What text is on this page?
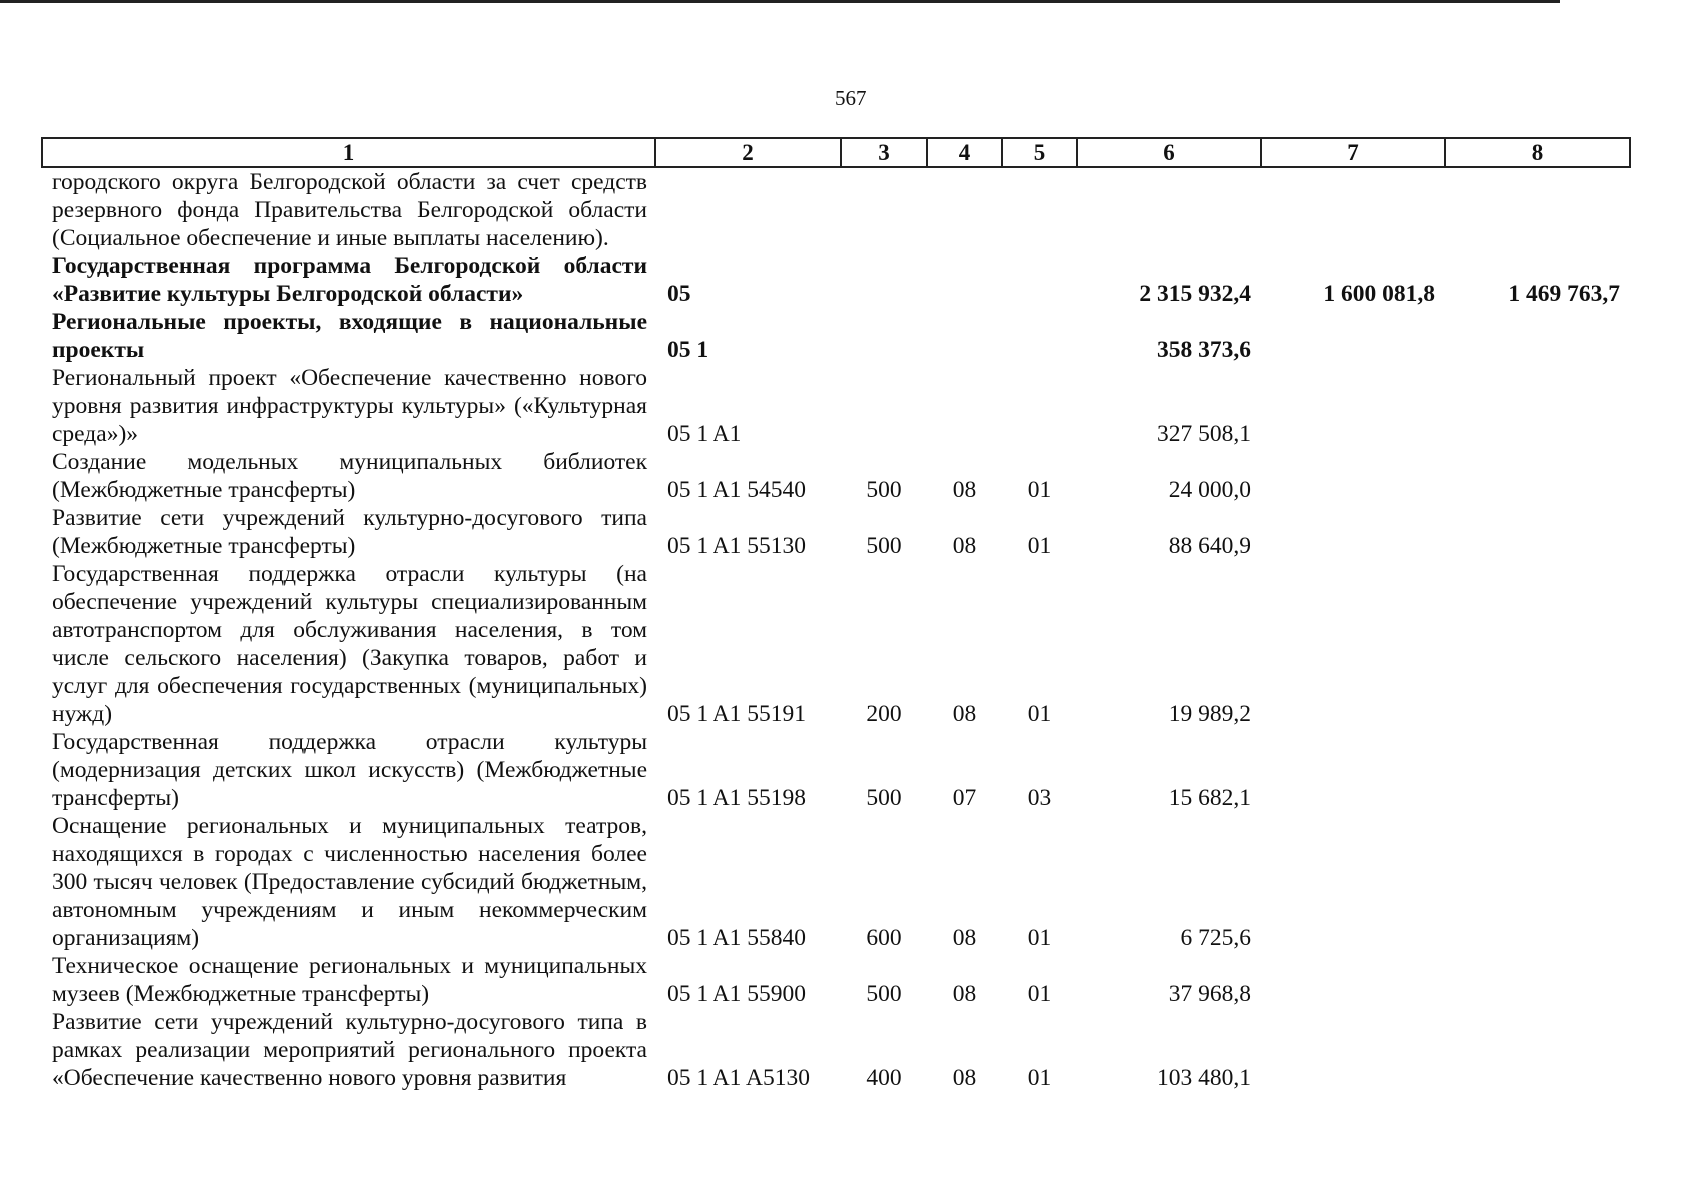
567
1	2	3	4	5	6	7	8
городского округа Белгородской области за счет средств резервного фонда Правительства Белгородской области (Социальное обеспечение и иные выплаты населению).							
Государственная программа Белгородской области «Развитие культуры Белгородской области»	05				2 315 932,4	1 600 081,8	1 469 763,7
Региональные проекты, входящие в национальные проекты	05 1				358 373,6		
Региональный проект «Обеспечение качественно нового уровня развития инфраструктуры культуры» («Культурная среда»)»	05 1 A1				327 508,1		
Создание модельных муниципальных библиотек (Межбюджетные трансферты)	05 1 A1 54540	500	08	01	24 000,0		
Развитие сети учреждений культурно-досугового типа (Межбюджетные трансферты)	05 1 A1 55130	500	08	01	88 640,9		
Государственная поддержка отрасли культуры (на обеспечение учреждений культуры специализированным автотранспортом для обслуживания населения, в том числе сельского населения) (Закупка товаров, работ и услуг для обеспечения государственных (муниципальных) нужд)	05 1 A1 55191	200	08	01	19 989,2		
Государственная поддержка отрасли культуры (модернизация детских школ искусств) (Межбюджетные трансферты)	05 1 A1 55198	500	07	03	15 682,1		
Оснащение региональных и муниципальных театров, находящихся в городах с численностью населения более 300 тысяч человек (Предоставление субсидий бюджетным, автономным учреждениям и иным некоммерческим организациям)	05 1 A1 55840	600	08	01	6 725,6		
Техническое оснащение региональных и муниципальных музеев (Межбюджетные трансферты)	05 1 A1 55900	500	08	01	37 968,8		
Развитие сети учреждений культурно-досугового типа в рамках реализации мероприятий регионального проекта «Обеспечение качественно нового уровня развития	05 1 A1 A5130	400	08	01	103 480,1		
